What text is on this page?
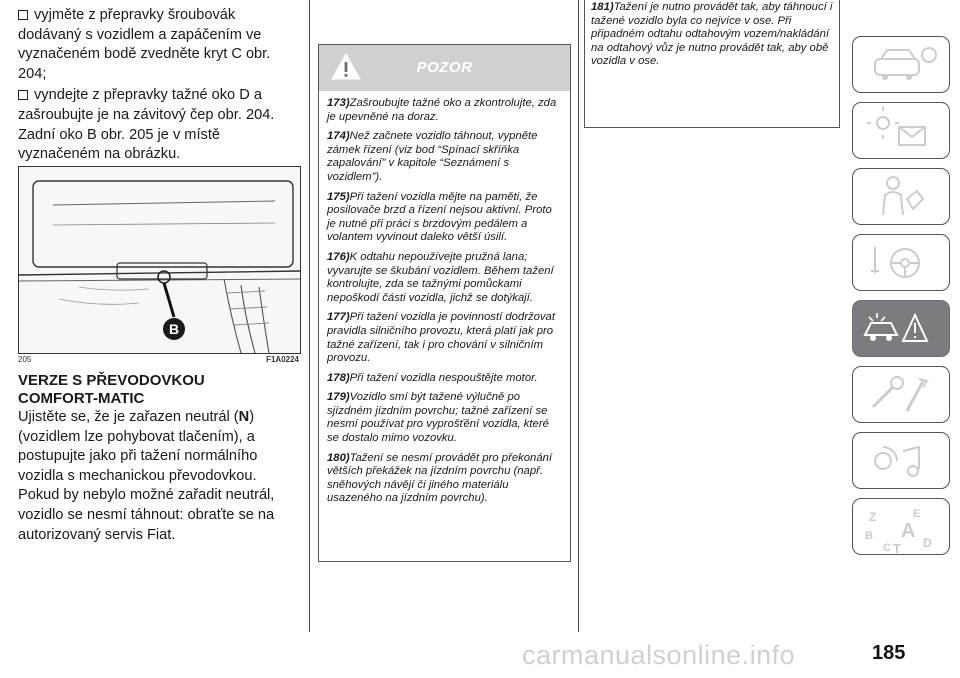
vyjměte z přepravky šroubovák dodávaný s vozidlem a zapáčením ve vyznačeném bodě zvedněte kryt C obr. 204;

vyndejte z přepravky tažné oko D a zašroubujte je na závitový čep obr. 204. Zadní oko B obr. 205 je v místě vyznačeném na obrázku.

B
205	F1A0224
VERZE S PŘEVODOVKOU
COMFORT-MATIC

Ujistěte se, že je zařazen neutrál (N) (vozidlem lze pohybovat tlačením), a postupujte jako při tažení normálního vozidla s mechanickou převodovkou. Pokud by nebylo možné zařadit neutrál, vozidlo se nesmí táhnout: obraťte se na autorizovaný servis Fiat.

POZOR

173)Zašroubujte tažné oko a zkontrolujte, zda je upevněné na doraz.

174)Než začnete vozidlo táhnout, vypněte zámek řízení (viz bod “Spínací skříňka zapalování” v kapitole “Seznámení s vozidlem”).

175)Při tažení vozidla mějte na paměti, že posilovače brzd a řízení nejsou aktivní. Proto je nutné při práci s brzdovým pedálem a volantem vyvinout daleko větší úsilí.

176)K odtahu nepoužívejte pružná lana; vyvarujte se škubání vozidlem. Během tažení kontrolujte, zda se tažnými pomůckami nepoškodí části vozidla, jichž se dotýkají.

177)Při tažení vozidla je povinností dodržovat pravidla silničního provozu, která platí jak pro tažné zařízení, tak i pro chování v silničním provozu.

178)Při tažení vozidla nespouštějte motor.

179)Vozidlo smí být tažené výlučně po sjízdném jízdním povrchu; tažné zařízení se nesmí používat pro vyprošťění vozidla, které se dostalo mimo vozovku.

180)Tažení se nesmí provádět pro překonání větších překážek na jízdním povrchu (např. sněhových návějí či jiného materiálu usazeného na jízdním povrchu).

181)Tažení je nutno provádět tak, aby táhnoucí i tažené vozidlo byla co nejvíce v ose. Při připadném odtahu odtahovým vozem/nakládání na odtahový vůz je nutno provádět tak, aby obě vozidla v ose.

Z	E
B A
C T D
185
carmanualsonline.info
